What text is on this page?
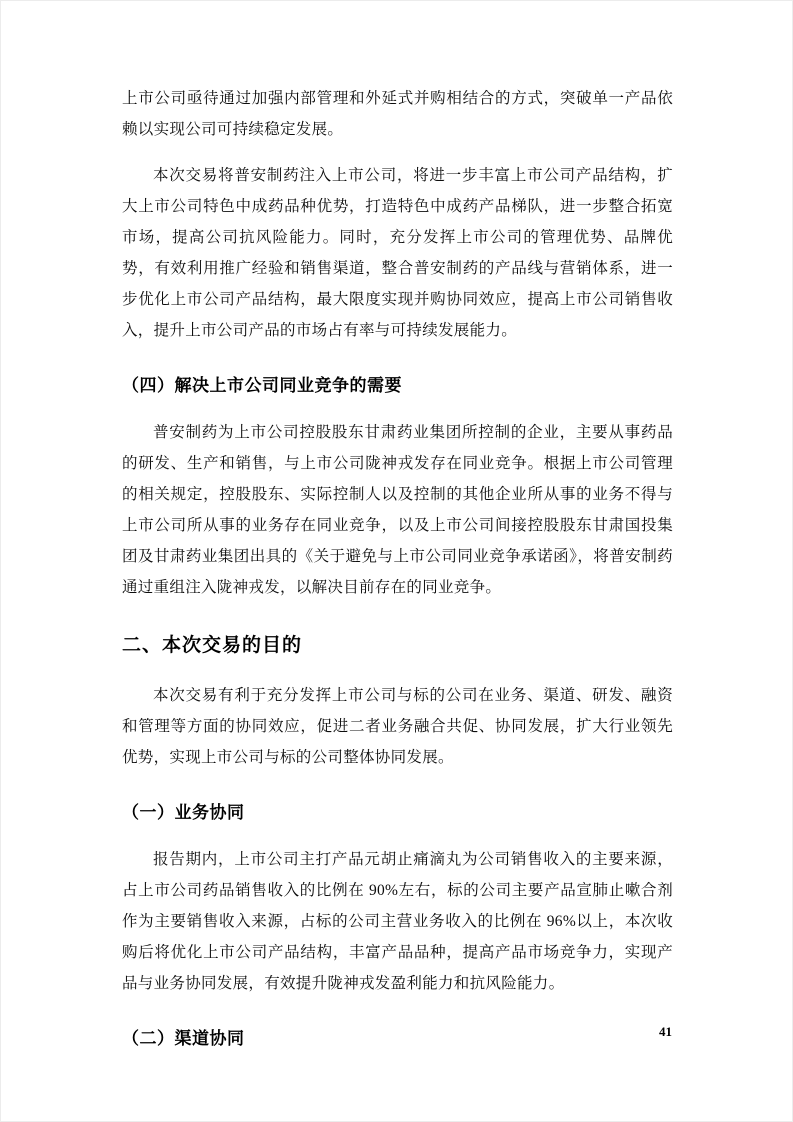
上市公司亟待通过加强内部管理和外延式并购相结合的方式，突破单一产品依赖以实现公司可持续稳定发展。

本次交易将普安制药注入上市公司，将进一步丰富上市公司产品结构，扩大上市公司特色中成药品种优势，打造特色中成药产品梯队，进一步整合拓宽市场，提高公司抗风险能力。同时，充分发挥上市公司的管理优势、品牌优势，有效利用推广经验和销售渠道，整合普安制药的产品线与营销体系，进一步优化上市公司产品结构，最大限度实现并购协同效应，提高上市公司销售收入，提升上市公司产品的市场占有率与可持续发展能力。

（四）解决上市公司同业竞争的需要

普安制药为上市公司控股股东甘肃药业集团所控制的企业，主要从事药品的研发、生产和销售，与上市公司陇神戎发存在同业竞争。根据上市公司管理的相关规定，控股股东、实际控制人以及控制的其他企业所从事的业务不得与上市公司所从事的业务存在同业竞争，以及上市公司间接控股股东甘肃国投集团及甘肃药业集团出具的《关于避免与上市公司同业竞争承诺函》，将普安制药通过重组注入陇神戎发，以解决目前存在的同业竞争。

二、本次交易的目的

本次交易有利于充分发挥上市公司与标的公司在业务、渠道、研发、融资和管理等方面的协同效应，促进二者业务融合共促、协同发展，扩大行业领先优势，实现上市公司与标的公司整体协同发展。

（一）业务协同

报告期内，上市公司主打产品元胡止痛滴丸为公司销售收入的主要来源，占上市公司药品销售收入的比例在 90%左右，标的公司主要产品宣肺止嗽合剂作为主要销售收入来源，占标的公司主营业务收入的比例在 96%以上，本次收购后将优化上市公司产品结构，丰富产品品种，提高产品市场竞争力，实现产品与业务协同发展，有效提升陇神戎发盈利能力和抗风险能力。

（二）渠道协同	41
